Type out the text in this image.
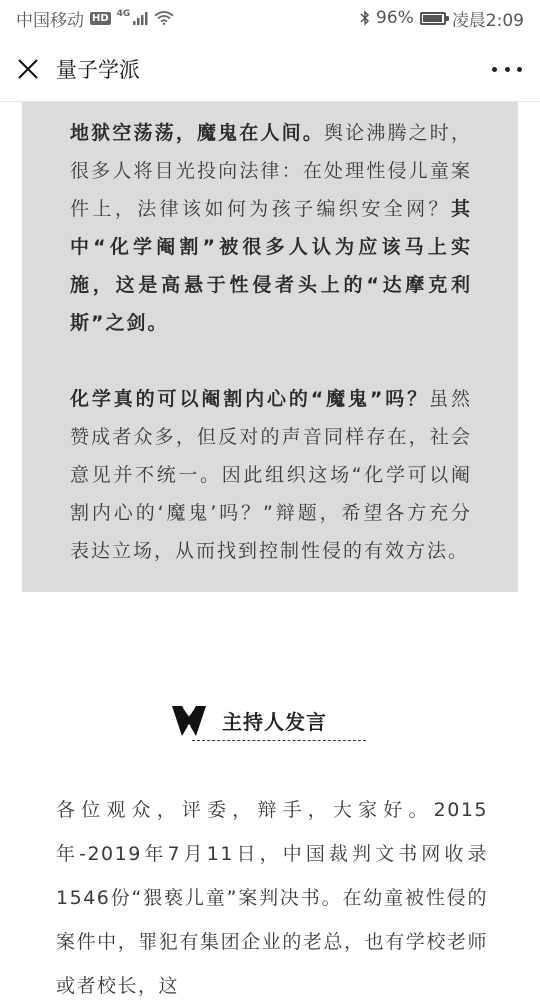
中国移动 HD 4G	96% 凌晨2:09
量子学派

地狱空荡荡，魔鬼在人间。舆论沸腾之时，很多人将目光投向法律：在处理性侵儿童案件上，法律该如何为孩子编织安全网？其中“化学阉割”被很多人认为应该马上实施，这是高悬于性侵者头上的“达摩克利斯”之剑。

化学真的可以阉割内心的“魔鬼”吗？虽然赞成者众多，但反对的声音同样存在，社会意见并不统一。因此组织这场“化学可以阉割内心的‘魔鬼’吗？”辩题，希望各方充分表达立场，从而找到控制性侵的有效方法。

主持人发言

各位观众，评委，辩手，大家好。2015年-2019年7月11日，中国裁判文书网收录1546份“猥亵儿童”案判决书。在幼童被性侵的案件中，罪犯有集团企业的老总，也有学校老师或者校长，这
